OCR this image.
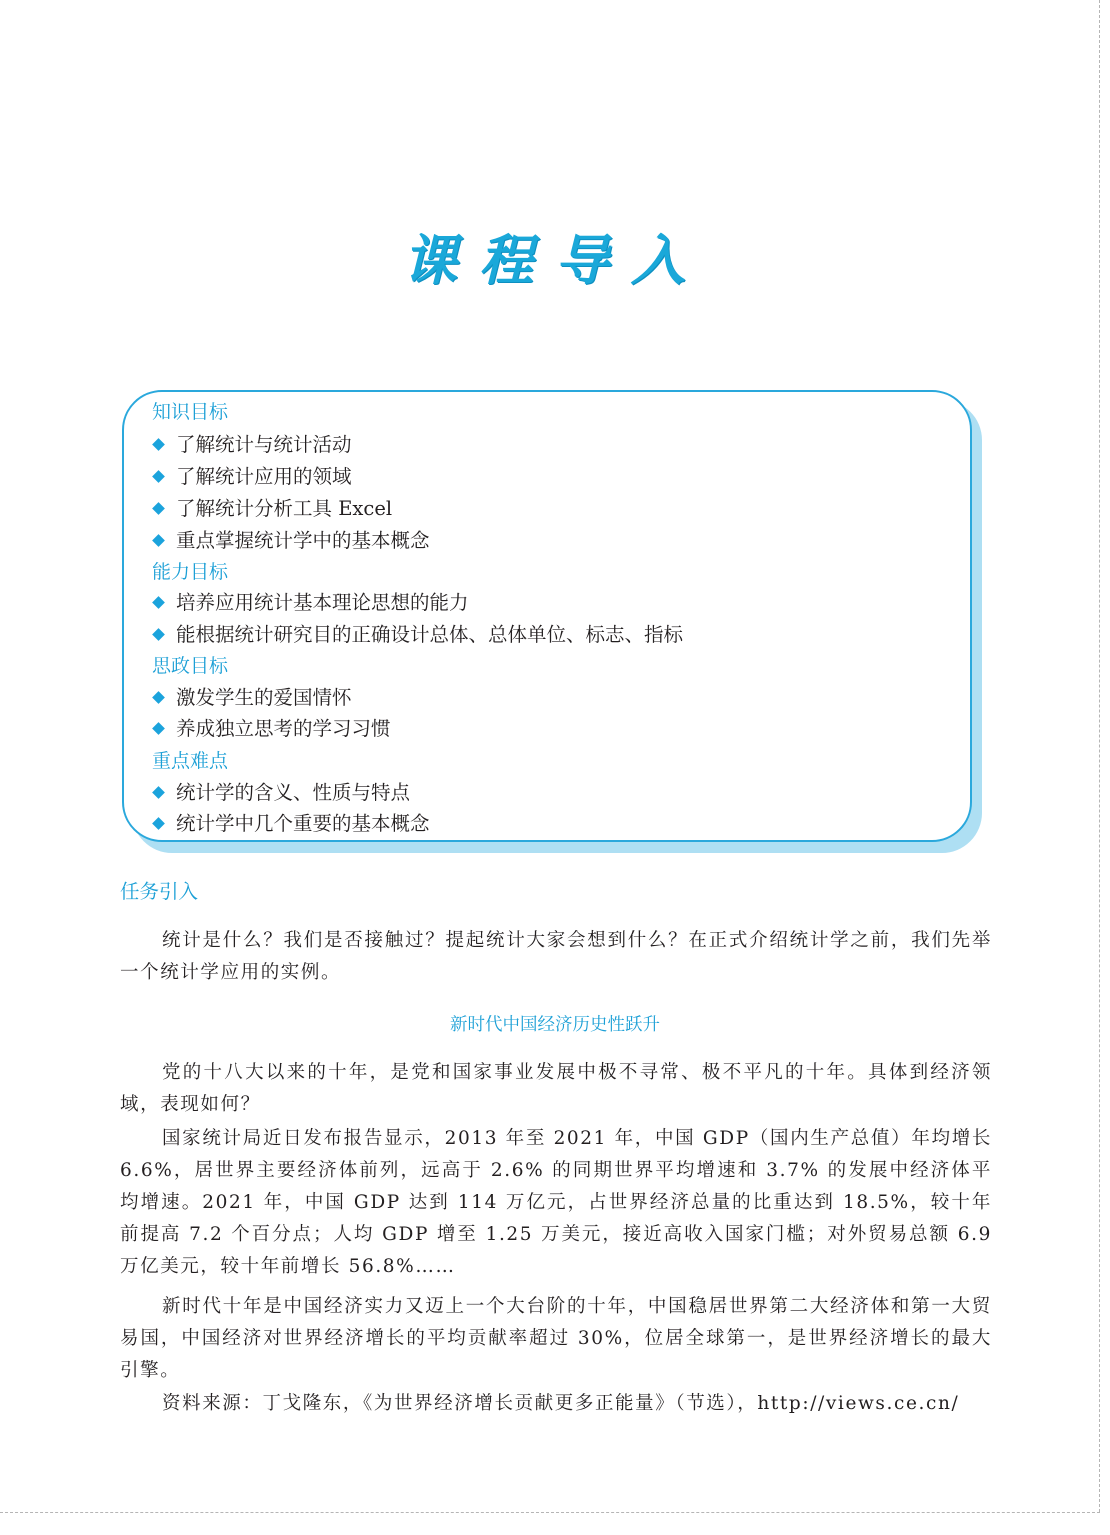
课程导入
知识目标
了解统计与统计活动
了解统计应用的领域
了解统计分析工具 Excel
重点掌握统计学中的基本概念
能力目标
培养应用统计基本理论思想的能力
能根据统计研究目的正确设计总体、总体单位、标志、指标
思政目标
激发学生的爱国情怀
养成独立思考的学习习惯
重点难点
统计学的含义、性质与特点
统计学中几个重要的基本概念
任务引入

统计是什么？我们是否接触过？提起统计大家会想到什么？在正式介绍统计学之前，我们先举一个统计学应用的实例。

新时代中国经济历史性跃升

党的十八大以来的十年，是党和国家事业发展中极不寻常、极不平凡的十年。具体到经济领域，表现如何？

国家统计局近日发布报告显示，2013 年至 2021 年，中国 GDP（国内生产总值）年均增长 6.6%，居世界主要经济体前列，远高于 2.6% 的同期世界平均增速和 3.7% 的发展中经济体平均增速。2021 年，中国 GDP 达到 114 万亿元，占世界经济总量的比重达到 18.5%，较十年前提高 7.2 个百分点；人均 GDP 增至 1.25 万美元，接近高收入国家门槛；对外贸易总额 6.9 万亿美元，较十年前增长 56.8%……

新时代十年是中国经济实力又迈上一个大台阶的十年，中国稳居世界第二大经济体和第一大贸易国，中国经济对世界经济增长的平均贡献率超过 30%，位居全球第一，是世界经济增长的最大引擎。

资料来源：丁戈隆东，《为世界经济增长贡献更多正能量》（节选），http://views.ce.cn/
